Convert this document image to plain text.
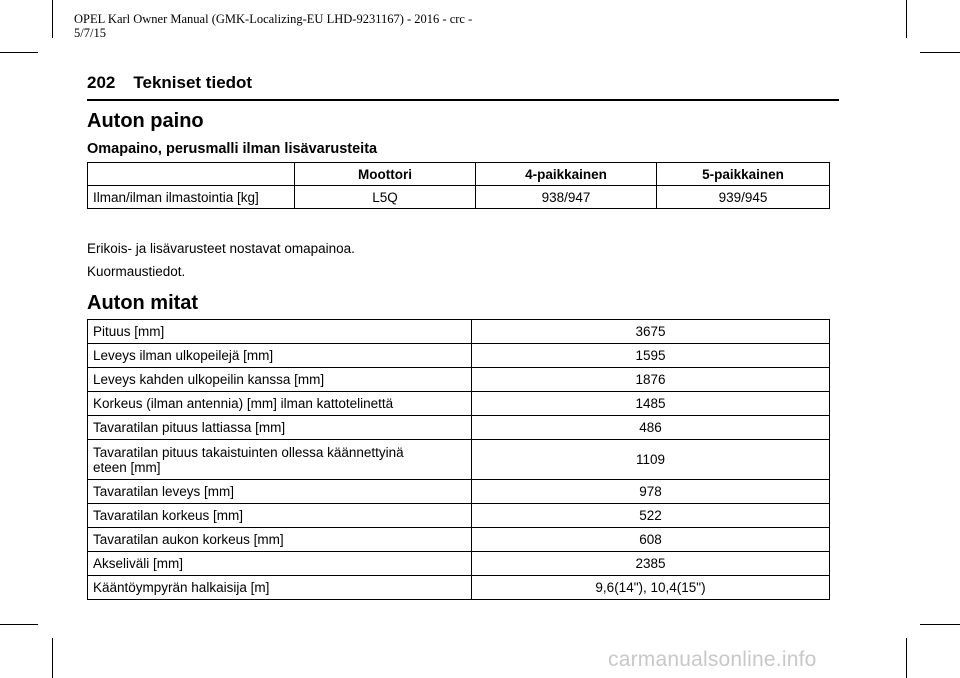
OPEL Karl Owner Manual (GMK-Localizing-EU LHD-9231167) - 2016 - crc -
5/7/15
202 Tekniset tiedot
Auton paino
Omapaino, perusmalli ilman lisävarusteita
	Moottori	4-paikkainen	5-paikkainen
Ilman/ilman ilmastointia [kg]	L5Q	938/947	939/945
Erikois- ja lisävarusteet nostavat omapainoa.
Kuormaustiedot.
Auton mitat
Pituus [mm]	3675
Leveys ilman ulkopeilejä [mm]	1595
Leveys kahden ulkopeilin kanssa [mm]	1876
Korkeus (ilman antennia) [mm] ilman kattotelinettä	1485
Tavaratilan pituus lattiassa [mm]	486
Tavaratilan pituus takaistuinten ollessa käännettyinä
eteen [mm]	1109
Tavaratilan leveys [mm]	978
Tavaratilan korkeus [mm]	522
Tavaratilan aukon korkeus [mm]	608
Akseliväli [mm]	2385
Kääntöympyrän halkaisija [m]	9,6(14"), 10,4(15")
carmanualsonline.info
